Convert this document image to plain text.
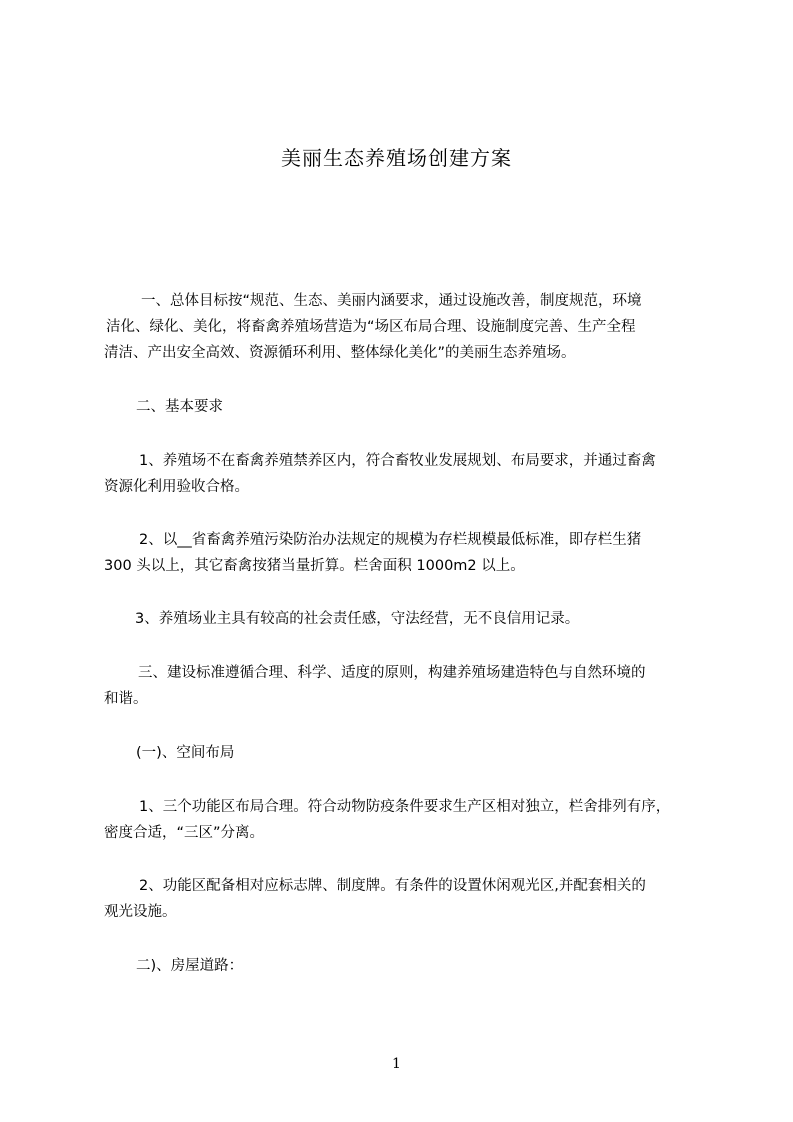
美丽生态养殖场创建方案
一、总体目标按“规范、生态、美丽内涵要求，通过设施改善，制度规范，环境
洁化、绿化、美化，将畜禽养殖场营造为“场区布局合理、设施制度完善、生产全程
清洁、产出安全高效、资源循环利用、整体绿化美化”的美丽生态养殖场。
二、基本要求
1、养殖场不在畜禽养殖禁养区内，符合畜牧业发展规划、布局要求，并通过畜禽
资源化利用验收合格。
2、以__省畜禽养殖污染防治办法规定的规模为存栏规模最低标准，即存栏生猪
300 头以上，其它畜禽按猪当量折算。栏舍面积 1000m2 以上。
3、养殖场业主具有较高的社会责任感，守法经营，无不良信用记录。
三、建设标准遵循合理、科学、适度的原则，构建养殖场建造特色与自然环境的
和谐。
(一)、空间布局
1、三个功能区布局合理。符合动物防疫条件要求生产区相对独立，栏舍排列有序，
密度合适，“三区”分离。
2、功能区配备相对应标志牌、制度牌。有条件的设置休闲观光区,并配套相关的
观光设施。
二)、房屋道路：
1
